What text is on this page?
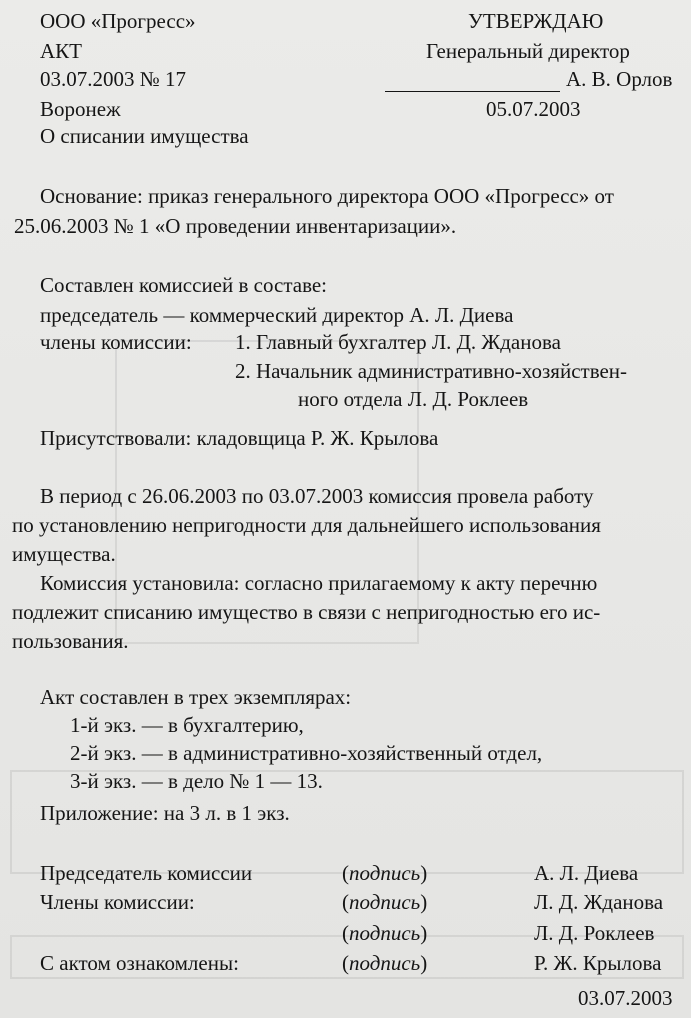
ООО «Прогресс»	УТВЕРЖДАЮ
АКТ	Генеральный директор
03.07.2003 № 17	А. В. Орлов
Воронеж	05.07.2003
О списании имущества
Основание: приказ генерального директора ООО «Прогресс» от
25.06.2003 № 1 «О проведении инвентаризации».
Составлен комиссией в составе:
председатель — коммерческий директор А. Л. Диева
члены комиссии: 1. Главный бухгалтер Л. Д. Жданова
2. Начальник административно-хозяйствен-
ного отдела Л. Д. Роклеев
Присутствовали: кладовщица Р. Ж. Крылова
В период с 26.06.2003 по 03.07.2003 комиссия провела работу
по установлению непригодности для дальнейшего использования
имущества.
Комиссия установила: согласно прилагаемому к акту перечню
подлежит списанию имущество в связи с непригодностью его ис-
пользования.
Акт составлен в трех экземплярах:
1-й экз. — в бухгалтерию,
2-й экз. — в административно-хозяйственный отдел,
3-й экз. — в дело № 1 — 13.
Приложение: на 3 л. в 1 экз.
Председатель комиссии	(подпись)	А. Л. Диева
Члены комиссии:	(подпись)	Л. Д. Жданова
(подпись)	Л. Д. Роклеев
С актом ознакомлены:	(подпись)	Р. Ж. Крылова
03.07.2003
